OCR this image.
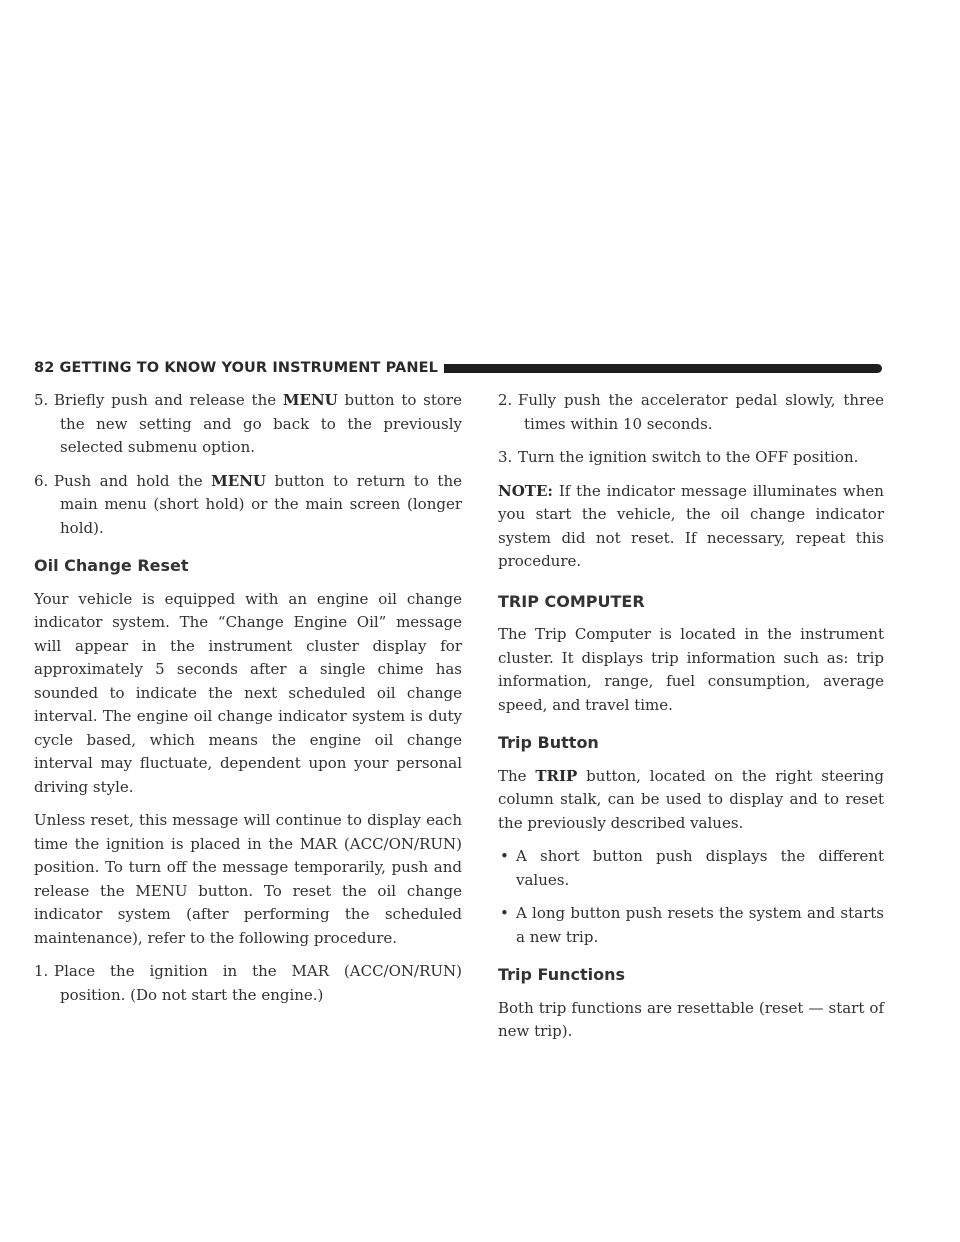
82 GETTING TO KNOW YOUR INSTRUMENT PANEL

5. Briefly push and release the MENU button to store the new setting and go back to the previously selected submenu option.

6. Push and hold the MENU button to return to the main menu (short hold) or the main screen (longer hold).

Oil Change Reset

Your vehicle is equipped with an engine oil change indicator system. The “Change Engine Oil” message will appear in the instrument cluster display for approximately 5 seconds after a single chime has sounded to indicate the next scheduled oil change interval. The engine oil change indicator system is duty cycle based, which means the engine oil change interval may fluctuate, dependent upon your personal driving style.

Unless reset, this message will continue to display each time the ignition is placed in the MAR (ACC/ON/RUN) position. To turn off the message temporarily, push and release the MENU button. To reset the oil change indicator system (after performing the scheduled maintenance), refer to the following procedure.

1. Place the ignition in the MAR (ACC/ON/RUN) position. (Do not start the engine.)

2. Fully push the accelerator pedal slowly, three times within 10 seconds.

3. Turn the ignition switch to the OFF position.

NOTE: If the indicator message illuminates when you start the vehicle, the oil change indicator system did not reset. If necessary, repeat this procedure.

TRIP COMPUTER

The Trip Computer is located in the instrument cluster. It displays trip information such as: trip information, range, fuel consumption, average speed, and travel time.

Trip Button

The TRIP button, located on the right steering column stalk, can be used to display and to reset the previously described values.

• A short button push displays the different values.

• A long button push resets the system and starts a new trip.

Trip Functions

Both trip functions are resettable (reset — start of new trip).
